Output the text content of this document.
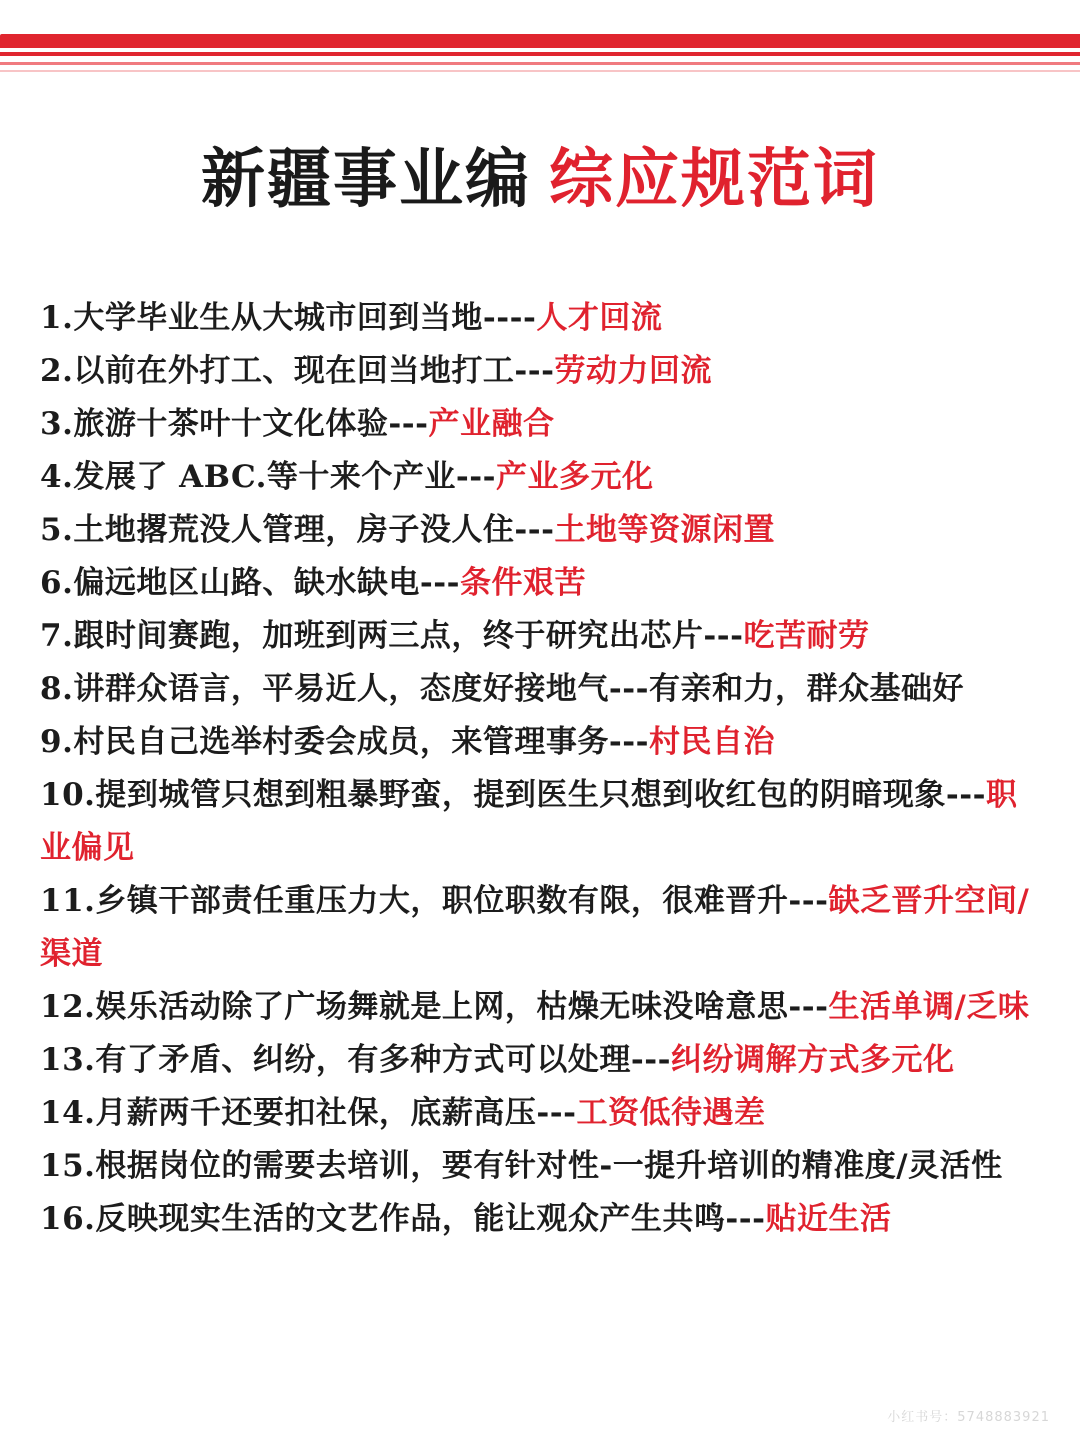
新疆事业编 综应规范词

1.大学毕业生从大城市回到当地----人才回流

2.以前在外打工、现在回当地打工---劳动力回流

3.旅游十茶叶十文化体验---产业融合

4.发展了 ABC.等十来个产业---产业多元化

5.土地撂荒没人管理，房子没人住---土地等资源闲置

6.偏远地区山路、缺水缺电---条件艰苦

7.跟时间赛跑，加班到两三点，终于研究出芯片---吃苦耐劳

8.讲群众语言，平易近人，态度好接地气---有亲和力，群众基础好

9.村民自己选举村委会成员，来管理事务---村民自治

10.提到城管只想到粗暴野蛮，提到医生只想到收红包的阴暗现象---职业偏见

11.乡镇干部责任重压力大，职位职数有限，很难晋升---缺乏晋升空间/渠道

12.娱乐活动除了广场舞就是上网，枯燥无味没啥意思---生活单调/乏味

13.有了矛盾、纠纷，有多种方式可以处理---纠纷调解方式多元化

14.月薪两千还要扣社保，底薪高压---工资低待遇差

15.根据岗位的需要去培训，要有针对性-一提升培训的精准度/灵活性

16.反映现实生活的文艺作品，能让观众产生共鸣---贴近生活

小红书号：5748883921
